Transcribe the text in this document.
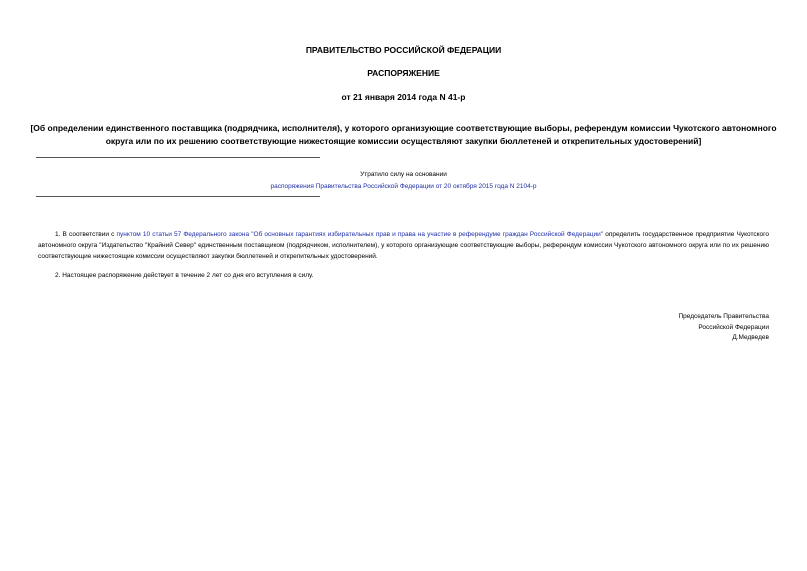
ПРАВИТЕЛЬСТВО РОССИЙСКОЙ ФЕДЕРАЦИИ
РАСПОРЯЖЕНИЕ
от 21 января 2014 года N 41-р
[Об определении единственного поставщика (подрядчика, исполнителя), у которого организующие соответствующие выборы, референдум комиссии Чукотского автономного округа или по их решению соответствующие нижестоящие комиссии осуществляют закупки бюллетеней и открепительных удостоверений]
Утратило силу на основании
распоряжения Правительства Российской Федерации от 20 октября 2015 года N 2104-р
1. В соответствии с пунктом 10 статьи 57 Федерального закона "Об основных гарантиях избирательных прав и права на участие в референдуме граждан Российской Федерации" определить государственное предприятие Чукотского автономного округа "Издательство "Крайний Север" единственным поставщиком (подрядчиком, исполнителем), у которого организующие соответствующие выборы, референдум комиссии Чукотского автономного округа или по их решению соответствующие нижестоящие комиссии осуществляют закупки бюллетеней и открепительных удостоверений.
2. Настоящее распоряжение действует в течение 2 лет со дня его вступления в силу.
Председатель Правительства
Российской Федерации
Д.Медведев
